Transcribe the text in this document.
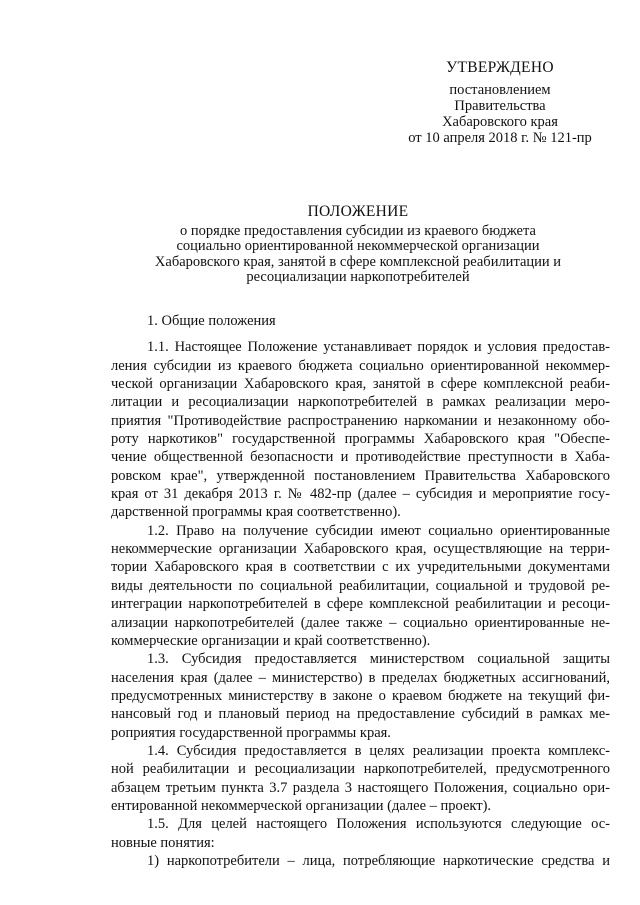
УТВЕРЖДЕНО
постановлением
Правительства
Хабаровского края
от 10 апреля 2018 г. № 121-пр
ПОЛОЖЕНИЕ
о порядке предоставления субсидии из краевого бюджета
социально ориентированной некоммерческой организации
Хабаровского края, занятой в сфере комплексной реабилитации и
ресоциализации наркопотребителей
1. Общие положения
1.1. Настоящее Положение устанавливает порядок и условия предостав-
ления субсидии из краевого бюджета социально ориентированной некоммер-
ческой организации Хабаровского края, занятой в сфере комплексной реаби-
литации и ресоциализации наркопотребителей в рамках реализации меро-
приятия "Противодействие распространению наркомании и незаконному обо-
роту наркотиков" государственной программы Хабаровского края "Обеспе-
чение общественной безопасности и противодействие преступности в Хаба-
ровском крае", утвержденной постановлением Правительства Хабаровского
края от 31 декабря 2013 г. № 482-пр (далее – субсидия и мероприятие госу-
дарственной программы края соответственно).
1.2. Право на получение субсидии имеют социально ориентированные
некоммерческие организации Хабаровского края, осуществляющие на терри-
тории Хабаровского края в соответствии с их учредительными документами
виды деятельности по социальной реабилитации, социальной и трудовой ре-
интеграции наркопотребителей в сфере комплексной реабилитации и ресоци-
ализации наркопотребителей (далее также – социально ориентированные не-
коммерческие организации и край соответственно).
1.3. Субсидия предоставляется министерством социальной защиты
населения края (далее – министерство) в пределах бюджетных ассигнований,
предусмотренных министерству в законе о краевом бюджете на текущий фи-
нансовый год и плановый период на предоставление субсидий в рамках ме-
роприятия государственной программы края.
1.4. Субсидия предоставляется в целях реализации проекта комплекс-
ной реабилитации и ресоциализации наркопотребителей, предусмотренного
абзацем третьим пункта 3.7 раздела 3 настоящего Положения, социально ори-
ентированной некоммерческой организации (далее – проект).
1.5. Для целей настоящего Положения используются следующие ос-
новные понятия:
1) наркопотребители – лица, потребляющие наркотические средства и
